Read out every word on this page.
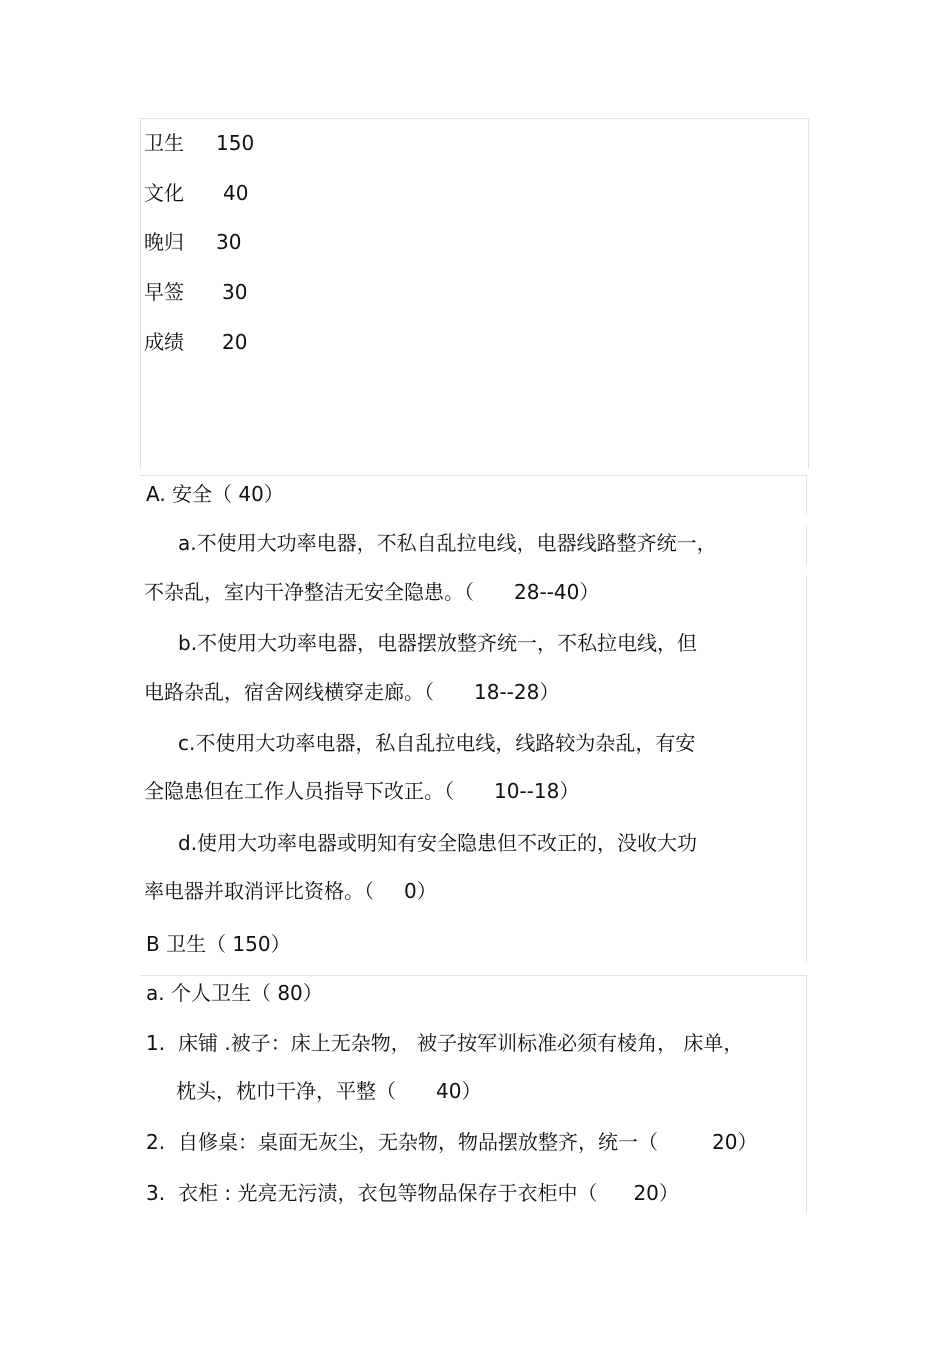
卫生 150
文化 40
晚归 30
早签 30
成绩 20
A. 安全（ 40）
a.不使用大功率电器，不私自乱拉电线，电器线路整齐统一，
不杂乱，室内干净整洁无安全隐患。（ 28--40）
b.不使用大功率电器，电器摆放整齐统一，不私拉电线，但
电路杂乱，宿舍网线横穿走廊。（ 18--28）
c.不使用大功率电器，私自乱拉电线，线路较为杂乱，有安
全隐患但在工作人员指导下改正。（ 10--18）
d.使用大功率电器或明知有安全隐患但不改正的，没收大功
率电器并取消评比资格。（ 0）
B 卫生（ 150）
a. 个人卫生（ 80）
1. 床铺 .被子：床上无杂物， 被子按军训标准必须有棱角， 床单，
枕头，枕巾干净，平整（ 40）
2. 自修桌：桌面无灰尘，无杂物，物品摆放整齐，统一（	20）
3. 衣柜 : 光亮无污渍，衣包等物品保存于衣柜中（ 20）
